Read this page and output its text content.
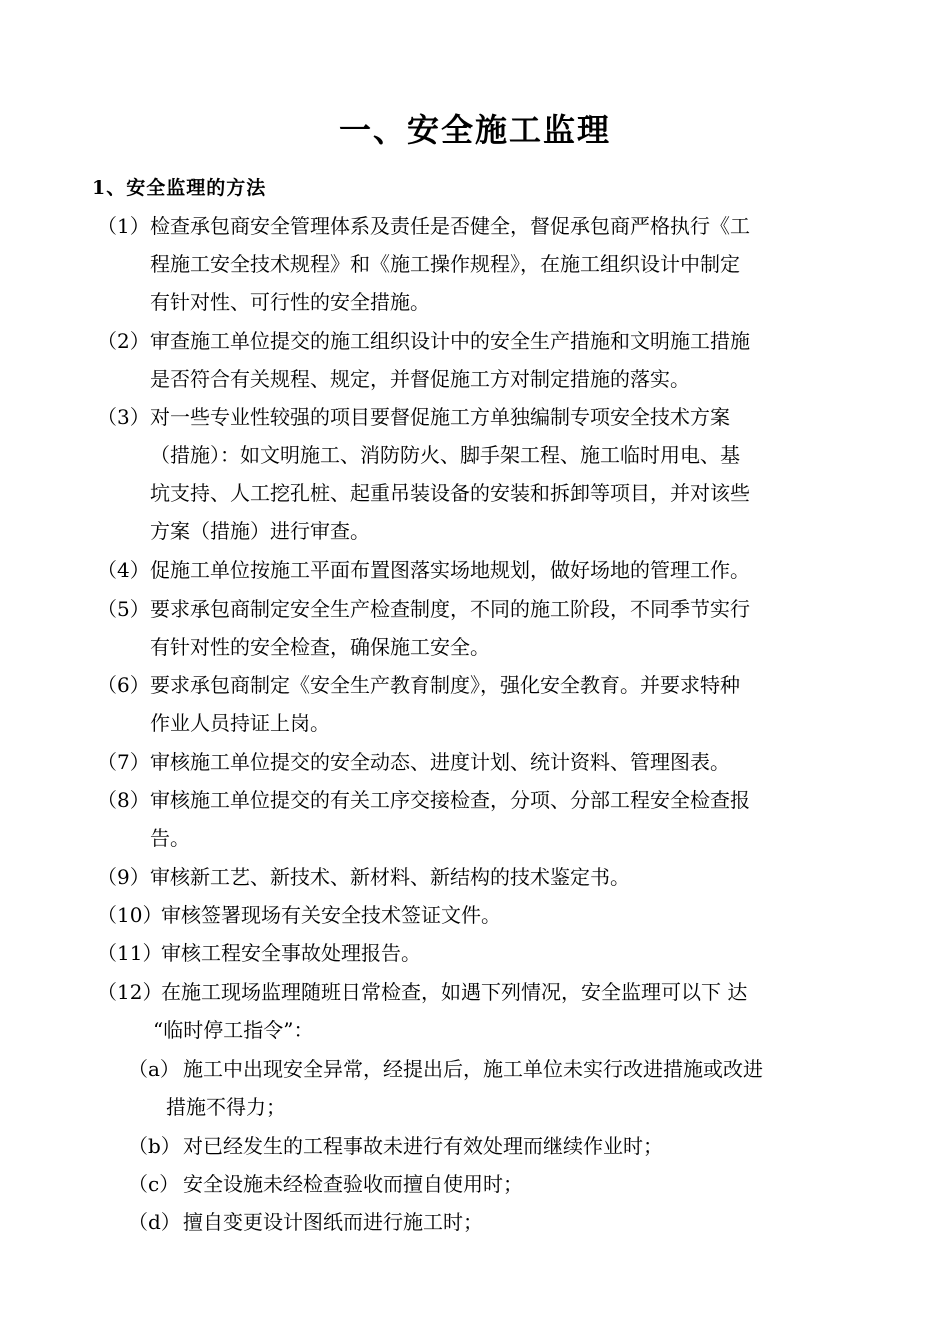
一、安全施工监理
1、安全监理的方法
（1） 检查承包商安全管理体系及责任是否健全，督促承包商严格执行《工
程施工安全技术规程》和《施工操作规程》，在施工组织设计中制定
有针对性、可行性的安全措施。
（2） 审查施工单位提交的施工组织设计中的安全生产措施和文明施工措施
是否符合有关规程、规定，并督促施工方对制定措施的落实。
（3） 对一些专业性较强的项目要督促施工方单独编制专项安全技术方案
（措施）：如文明施工、消防防火、脚手架工程、施工临时用电、基
坑支持、人工挖孔桩、起重吊装设备的安装和拆卸等项目，并对该些
方案（措施）进行审查。
（4） 促施工单位按施工平面布置图落实场地规划，做好场地的管理工作。
（5） 要求承包商制定安全生产检查制度，不同的施工阶段，不同季节实行
有针对性的安全检查，确保施工安全。
（6） 要求承包商制定《安全生产教育制度》，强化安全教育。并要求特种
作业人员持证上岗。
（7） 审核施工单位提交的安全动态、进度计划、统计资料、管理图表。
（8） 审核施工单位提交的有关工序交接检查，分项、分部工程安全检查报
告。
（9） 审核新工艺、新技术、新材料、新结构的技术鉴定书。
（10）
审核签署现场有关安全技术签证文件。
（11）
审核工程安全事故处理报告。
（12）
在施工现场监理随班日常检查，如遇下列情况，安全监理可以下 达
“临时停工指令”：
（a） 施工中出现安全异常，经提出后，施工单位未实行改进措施或改进
措施不得力；
（b） 对已经发生的工程事故未进行有效处理而继续作业时；
（c） 安全设施未经检查验收而擅自使用时；
（d） 擅自变更设计图纸而进行施工时；
